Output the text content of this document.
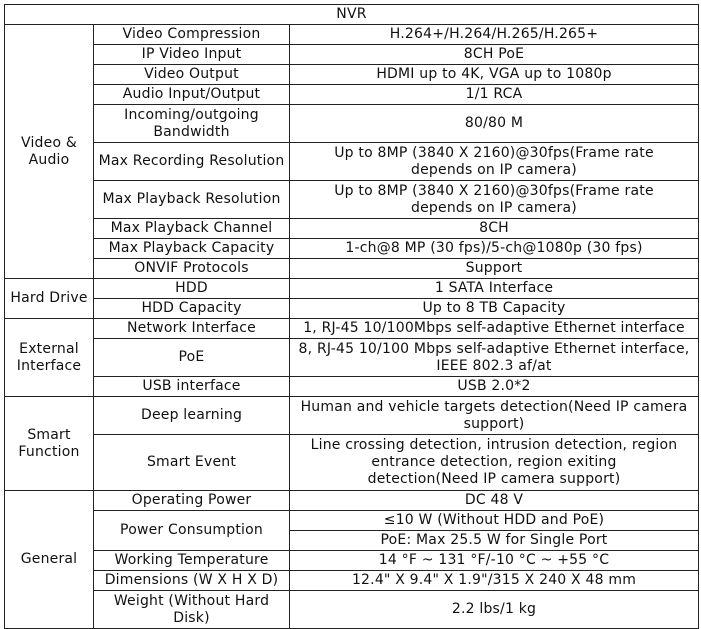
NVR		

Video &
Audio	Video Compression	H.264+/H.264/H.265/H.265+

	IP Video Input	8CH PoE

	Video Output	HDMI up to 4K, VGA up to 1080p

	Audio Input/Output	1/1 RCA

	Incoming/outgoing
Bandwidth	80/80 M

	Max Recording Resolution	Up to 8MP (3840 X 2160)@30fps(Frame rate
depends on IP camera)

	Max Playback Resolution	Up to 8MP (3840 X 2160)@30fps(Frame rate
depends on IP camera)

	Max Playback Channel	8CH

	Max Playback Capacity	1-ch@8 MP (30 fps)/5-ch@1080p (30 fps)

	ONVIF Protocols	Support

Hard Drive	HDD	1 SATA Interface

	HDD Capacity	Up to 8 TB Capacity

External
Interface	Network Interface	1, RJ-45 10/100Mbps self-adaptive Ethernet interface

	PoE	8, RJ-45 10/100 Mbps self-adaptive Ethernet interface,
IEEE 802.3 af/at

	USB interface	USB 2.0*2

Smart
Function	Deep learning	Human and vehicle targets detection(Need IP camera
support)

	Smart Event	Line crossing detection, intrusion detection, region
entrance detection, region exiting
detection(Need IP camera support)

General	Operating Power	DC 48 V

	Power Consumption	≤10 W (Without HDD and PoE)

		PoE: Max 25.5 W for Single Port

	Working Temperature	14 °F ~ 131 °F/-10 °C ~ +55 °C

	Dimensions (W X H X D)	12.4" X 9.4" X 1.9"/315 X 240 X 48 mm

	Weight (Without Hard
Disk)	2.2 lbs/1 kg
